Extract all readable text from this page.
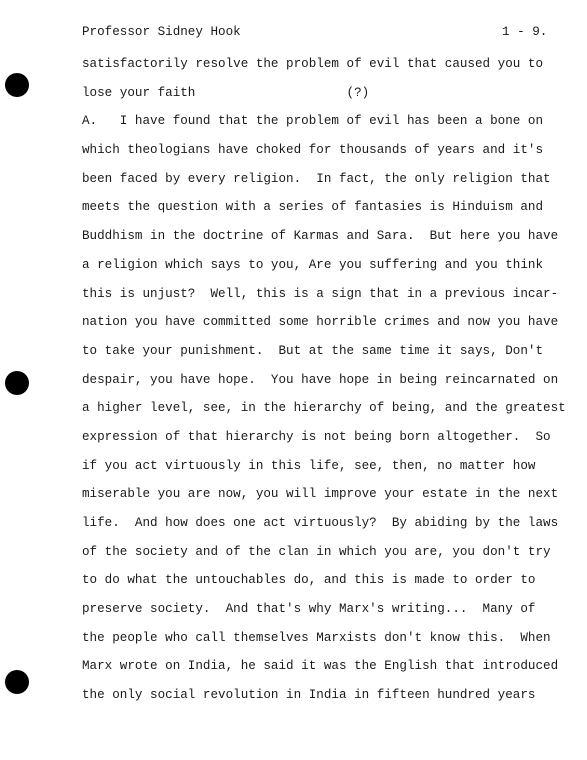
Professor Sidney Hook	1 - 9.
satisfactorily resolve the problem of evil that caused you to
lose your faith                    (?)
A.   I have found that the problem of evil has been a bone on
which theologians have choked for thousands of years and it's
been faced by every religion.  In fact, the only religion that
meets the question with a series of fantasies is Hinduism and
Buddhism in the doctrine of Karmas and Sara.  But here you have
a religion which says to you, Are you suffering and you think
this is unjust?  Well, this is a sign that in a previous incar-
nation you have committed some horrible crimes and now you have
to take your punishment.  But at the same time it says, Don't
despair, you have hope.  You have hope in being reincarnated on
a higher level, see, in the hierarchy of being, and the greatest
expression of that hierarchy is not being born altogether.  So
if you act virtuously in this life, see, then, no matter how
miserable you are now, you will improve your estate in the next
life.  And how does one act virtuously?  By abiding by the laws
of the society and of the clan in which you are, you don't try
to do what the untouchables do, and this is made to order to
preserve society.  And that's why Marx's writing...  Many of
the people who call themselves Marxists don't know this.  When
Marx wrote on India, he said it was the English that introduced
the only social revolution in India in fifteen hundred years
